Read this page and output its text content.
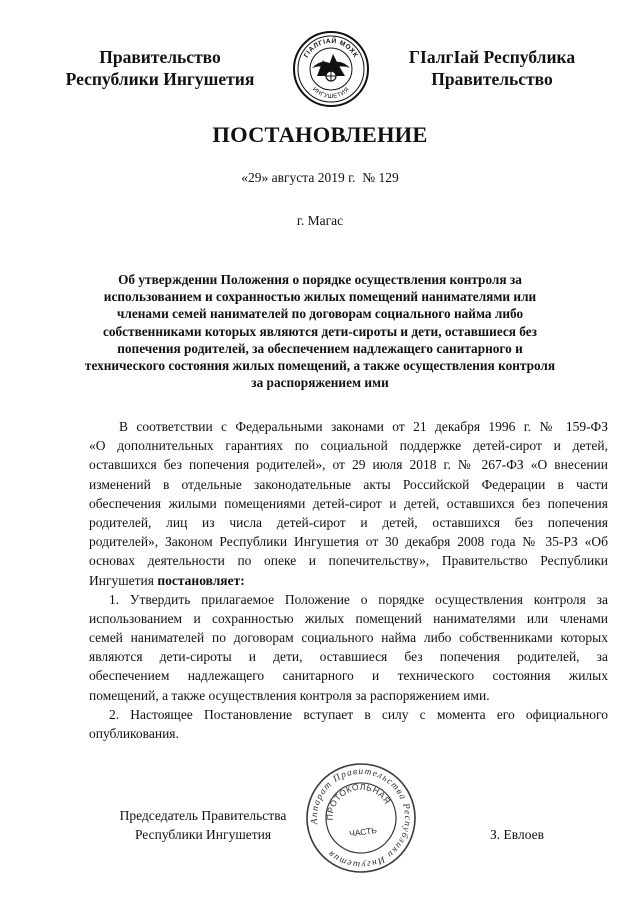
Правительство
Республики Ингушетия
ГIАЛГIАЙ МОХК
ИНГУШЕТИЯ
ГIалгIай Республика
Правительство
ПОСТАНОВЛЕНИЕ
«29» августа 2019 г. № 129
г. Магас
Об утверждении Положения о порядке осуществления контроля за
использованием и сохранностью жилых помещений нанимателями или
членами семей нанимателей по договорам социального найма либо
собственниками которых являются дети-сироты и дети, оставшиеся без
попечения родителей, за обеспечением надлежащего санитарного и
технического состояния жилых помещений, а также осуществления контроля
за распоряжением ими
В соответствии с Федеральными законами от 21 декабря 1996 г. № 159-ФЗ
«О дополнительных гарантиях по социальной поддержке детей-сирот и детей,
оставшихся без попечения родителей», от 29 июля 2018 г. № 267-ФЗ «О внесении
изменений в отдельные законодательные акты Российской Федерации в части
обеспечения жилыми помещениями детей-сирот и детей, оставшихся без попечения
родителей, лиц из числа детей-сирот и детей, оставшихся без попечения
родителей», Законом Республики Ингушетия от 30 декабря 2008 года № 35-РЗ «Об
основах деятельности по опеке и попечительству», Правительство Республики
Ингушетия постановляет:
1. Утвердить прилагаемое Положение о порядке осуществления контроля за
использованием и сохранностью жилых помещений нанимателями или членами
семей нанимателей по договорам социального найма либо собственниками которых
являются дети-сироты и дети, оставшиеся без попечения родителей, за
обеспечением надлежащего санитарного и технического состояния жилых
помещений, а также осуществления контроля за распоряжением ими.
2. Настоящее Постановление вступает в силу с момента его официального
опубликования.
Председатель Правительства
Республики Ингушетия
Аппарат Правительства Республики Ингушетия
ПРОТОКОЛЬНАЯ
ЧАСТЬ	З. Евлоев
